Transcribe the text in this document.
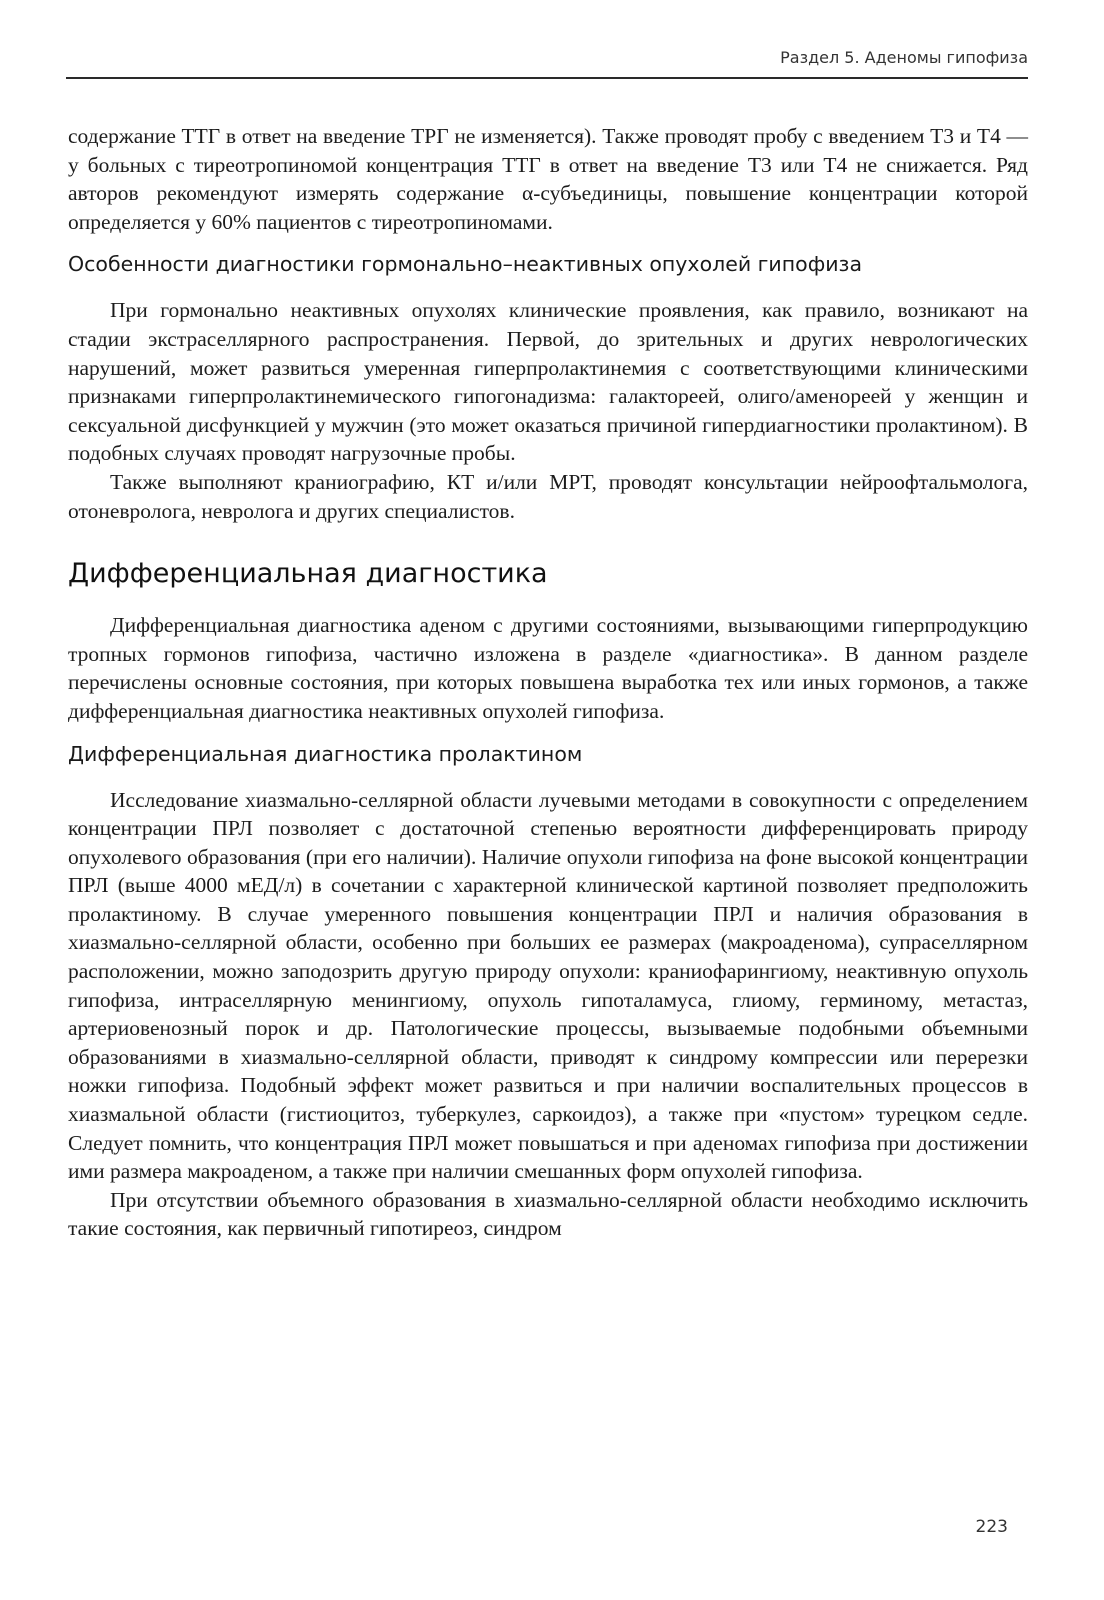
Раздел 5. Аденомы гипофиза

содержание ТТГ в ответ на введение ТРГ не изменяется). Также проводят пробу с введением Т3 и Т4 — у больных с тиреотропиномой концентрация ТТГ в ответ на введение Т3 или Т4 не снижается. Ряд авторов рекомендуют измерять содержание α-субъединицы, повышение концентрации которой определяется у 60% пациентов с тиреотропиномами.

Особенности диагностики гормонально–неактивных опухолей гипофиза

При гормонально неактивных опухолях клинические проявления, как правило, возникают на стадии экстраселлярного распространения. Первой, до зрительных и других неврологических нарушений, может развиться умеренная гиперпролактинемия с соответствующими клиническими признаками гиперпролактинемического гипогонадизма: галактореей, олиго/аменореей у женщин и сексуальной дисфункцией у мужчин (это может оказаться причиной гипердиагностики пролактином). В подобных случаях проводят нагрузочные пробы.

Также выполняют краниографию, КТ и/или МРТ, проводят консультации нейроофтальмолога, отоневролога, невролога и других специалистов.

Дифференциальная диагностика

Дифференциальная диагностика аденом с другими состояниями, вызывающими гиперпродукцию тропных гормонов гипофиза, частично изложена в разделе «диагностика». В данном разделе перечислены основные состояния, при которых повышена выработка тех или иных гормонов, а также дифференциальная диагностика неактивных опухолей гипофиза.

Дифференциальная диагностика пролактином

Исследование хиазмально-селлярной области лучевыми методами в совокупности с определением концентрации ПРЛ позволяет с достаточной степенью вероятности дифференцировать природу опухолевого образования (при его наличии). Наличие опухоли гипофиза на фоне высокой концентрации ПРЛ (выше 4000 мЕД/л) в сочетании с характерной клинической картиной позволяет предположить пролактиному. В случае умеренного повышения концентрации ПРЛ и наличия образования в хиазмально-селлярной области, особенно при больших ее размерах (макроаденома), супраселлярном расположении, можно заподозрить другую природу опухоли: краниофарингиому, неактивную опухоль гипофиза, интраселлярную менингиому, опухоль гипоталамуса, глиому, герминому, метастаз, артериовенозный порок и др. Патологические процессы, вызываемые подобными объемными образованиями в хиазмально-селлярной области, приводят к синдрому компрессии или перерезки ножки гипофиза. Подобный эффект может развиться и при наличии воспалительных процессов в хиазмальной области (гистиоцитоз, туберкулез, саркоидоз), а также при «пустом» турецком седле. Следует помнить, что концентрация ПРЛ может повышаться и при аденомах гипофиза при достижении ими размера макроаденом, а также при наличии смешанных форм опухолей гипофиза.

При отсутствии объемного образования в хиазмально-селлярной области необходимо исключить такие состояния, как первичный гипотиреоз, синдром

223
